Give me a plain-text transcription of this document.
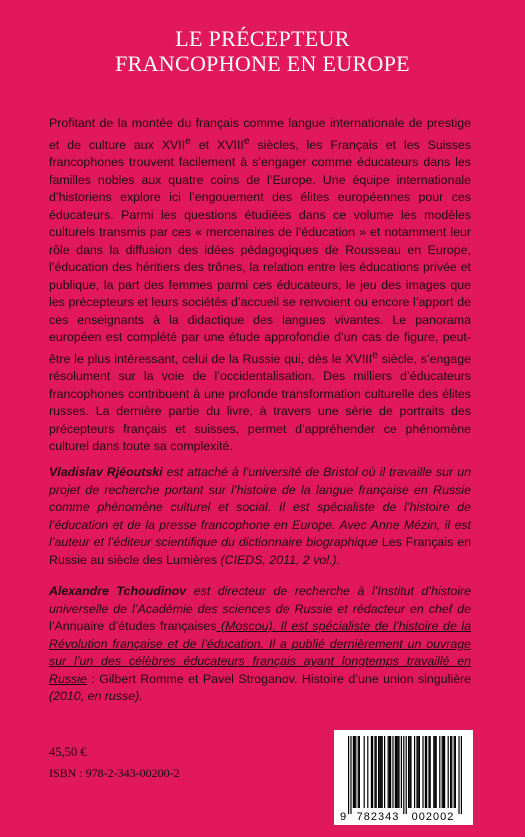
LE PRÉCEPTEUR
FRANCOPHONE EN EUROPE
Profitant de la montée du français comme langue internationale de prestige et de culture aux XVIIe et XVIIIe siècles, les Français et les Suisses francophones trouvent facilement à s’engager comme éducateurs dans les familles nobles aux quatre coins de l’Europe. Une équipe internationale d’historiens explore ici l’engouement des élites européennes pour ces éducateurs. Parmi les questions étudiées dans ce volume les modèles culturels transmis par ces « mercenaires de l’éducation » et notamment leur rôle dans la diffusion des idées pédagogiques de Rousseau en Europe, l’éducation des héritiers des trônes, la relation entre les éducations privée et publique, la part des femmes parmi ces éducateurs, le jeu des images que les précepteurs et leurs sociétés d’accueil se renvoient ou encore l’apport de ces enseignants à la didactique des langues vivantes. Le panorama européen est complété par une étude approfondie d’un cas de figure, peut-être le plus intéressant, celui de la Russie qui, dès le XVIIIe siècle, s’engage résolument sur la voie de l’occidentalisation. Des milliers d’éducateurs francophones contribuent à une profonde transformation culturelle des élites russes. La dernière partie du livre, à travers une série de portraits des précepteurs français et suisses, permet d’appréhender ce phénomène culturel dans toute sa complexité.
Vladislav Rjéoutski est attaché à l’université de Bristol où il travaille sur un projet de recherche portant sur l’histoire de la langue française en Russie comme phénomène culturel et social. Il est spécialiste de l’histoire de l’éducation et de la presse francophone en Europe. Avec Anne Mézin, il est l’auteur et l’éditeur scientifique du dictionnaire biographique Les Français en Russie au siècle des Lumières (CIEDS, 2011, 2 vol.).
Alexandre Tchoudinov est directeur de recherche à l’Institut d’histoire universelle de l’Académie des sciences de Russie et rédacteur en chef de l’Annuaire d’études françaises (Moscou). Il est spécialiste de l’histoire de la Révolution française et de l’éducation. Il a publié dernièrement un ouvrage sur l’un des célèbres éducateurs français ayant longtemps travaillé en Russie : Gilbert Romme et Pavel Stroganov. Histoire d’une union singulière (2010, en russe).
45,50 €
ISBN : 978-2-343-00200-2
9 782343 002002
